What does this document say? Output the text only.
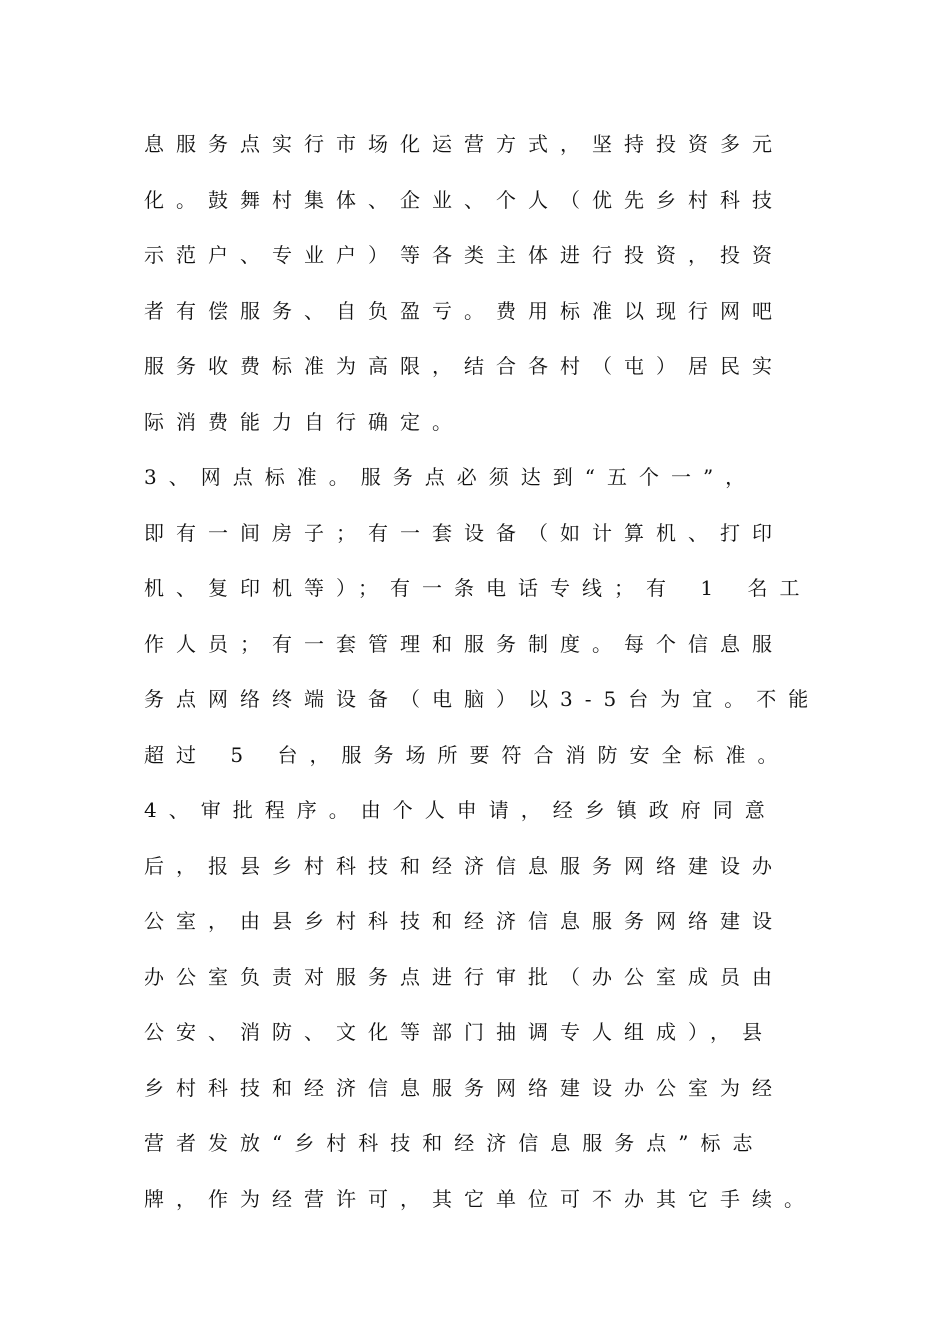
息服务点实行市场化运营方式，坚持投资多元
化。鼓舞村集体、企业、个人（优先乡村科技
示范户、专业户）等各类主体进行投资，投资
者有偿服务、自负盈亏。费用标准以现行网吧
服务收费标准为高限，结合各村（屯）居民实
际消费能力自行确定。
3、网点标准。服务点必须达到“五个一”，
即有一间房子；有一套设备（如计算机、打印
机、复印机等）；有一条电话专线；有 1 名工
作人员；有一套管理和服务制度。每个信息服
务点网络终端设备（电脑）以3-5台为宜。不能
超过 5 台，服务场所要符合消防安全标准。
4、审批程序。由个人申请，经乡镇政府同意
后，报县乡村科技和经济信息服务网络建设办
公室，由县乡村科技和经济信息服务网络建设
办公室负责对服务点进行审批（办公室成员由
公安、消防、文化等部门抽调专人组成），县
乡村科技和经济信息服务网络建设办公室为经
营者发放“乡村科技和经济信息服务点”标志
牌，作为经营许可，其它单位可不办其它手续。
